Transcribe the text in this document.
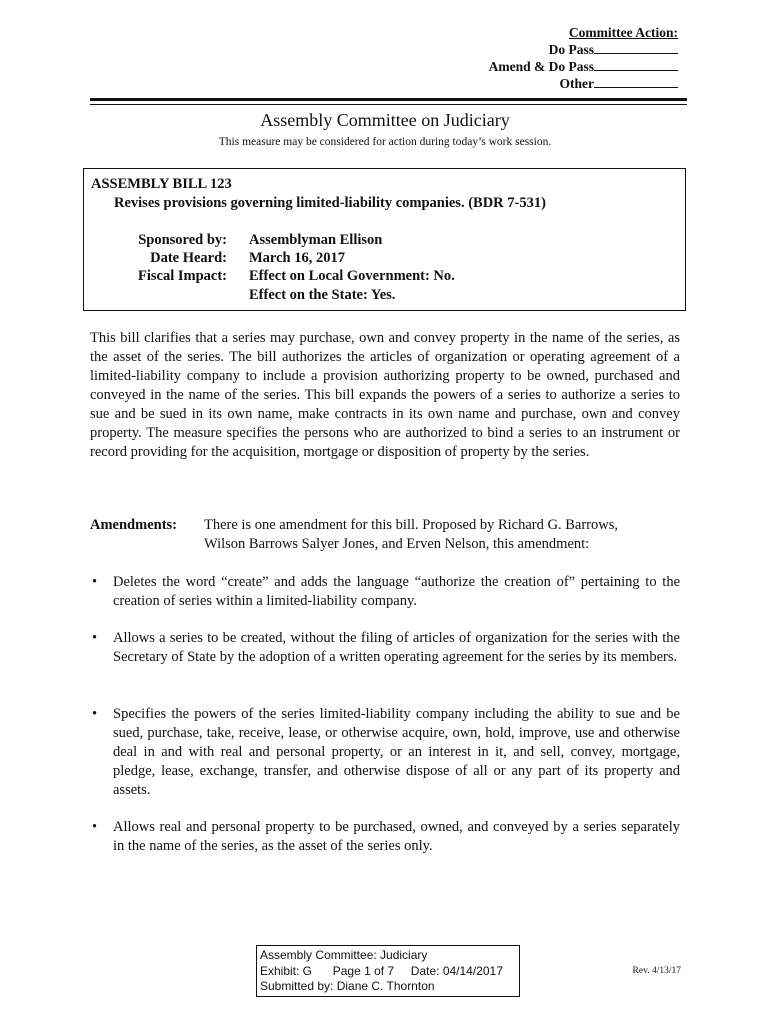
Committee Action:
Do Pass
Amend & Do Pass
Other
Assembly Committee on Judiciary
This measure may be considered for action during today’s work session.
ASSEMBLY BILL 123
Revises provisions governing limited-liability companies. (BDR 7-531)
Sponsored by: Assemblyman Ellison
Date Heard: March 16, 2017
Fiscal Impact: Effect on Local Government: No.
Effect on the State: Yes.

This bill clarifies that a series may purchase, own and convey property in the name of the series, as the asset of the series. The bill authorizes the articles of organization or operating agreement of a limited-liability company to include a provision authorizing property to be owned, purchased and conveyed in the name of the series. This bill expands the powers of a series to authorize a series to sue and be sued in its own name, make contracts in its own name and purchase, own and convey property. The measure specifies the persons who are authorized to bind a series to an instrument or record providing for the acquisition, mortgage or disposition of property by the series.

Amendments: There is one amendment for this bill. Proposed by Richard G. Barrows,
Wilson Barrows Salyer Jones, and Erven Nelson, this amendment:
• Deletes the word “create” and adds the language “authorize the creation of” pertaining to the creation of series within a limited-liability company.
• Allows a series to be created, without the filing of articles of organization for the series with the Secretary of State by the adoption of a written operating agreement for the series by its members.
• Specifies the powers of the series limited-liability company including the ability to sue and be sued, purchase, take, receive, lease, or otherwise acquire, own, hold, improve, use and otherwise deal in and with real and personal property, or an interest in it, and sell, convey, mortgage, pledge, lease, exchange, transfer, and otherwise dispose of all or any part of its property and assets.
• Allows real and personal property to be purchased, owned, and conveyed by a series separately in the name of the series, as the asset of the series only.
Assembly Committee: Judiciary
Exhibit: G Page 1 of 7 Date: 04/14/2017
Submitted by: Diane C. Thornton
Rev. 4/13/17
